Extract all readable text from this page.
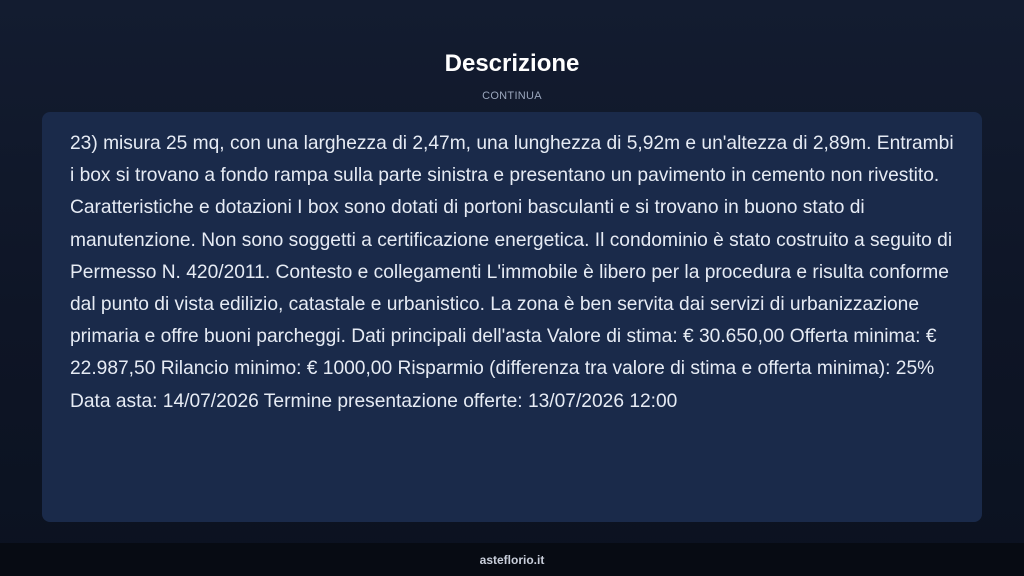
Descrizione
CONTINUA

23) misura 25 mq, con una larghezza di 2,47m, una lunghezza di 5,92m e un'altezza di 2,89m. Entrambi i box si trovano a fondo rampa sulla parte sinistra e presentano un pavimento in cemento non rivestito. Caratteristiche e dotazioni I box sono dotati di portoni basculanti e si trovano in buono stato di manutenzione. Non sono soggetti a certificazione energetica. Il condominio è stato costruito a seguito di Permesso N. 420/2011. Contesto e collegamenti L'immobile è libero per la procedura e risulta conforme dal punto di vista edilizio, catastale e urbanistico. La zona è ben servita dai servizi di urbanizzazione primaria e offre buoni parcheggi. Dati principali dell'asta Valore di stima: € 30.650,00 Offerta minima: € 22.987,50 Rilancio minimo: € 1000,00 Risparmio (differenza tra valore di stima e offerta minima): 25% Data asta: 14/07/2026 Termine presentazione offerte: 13/07/2026 12:00

asteflorio.it
